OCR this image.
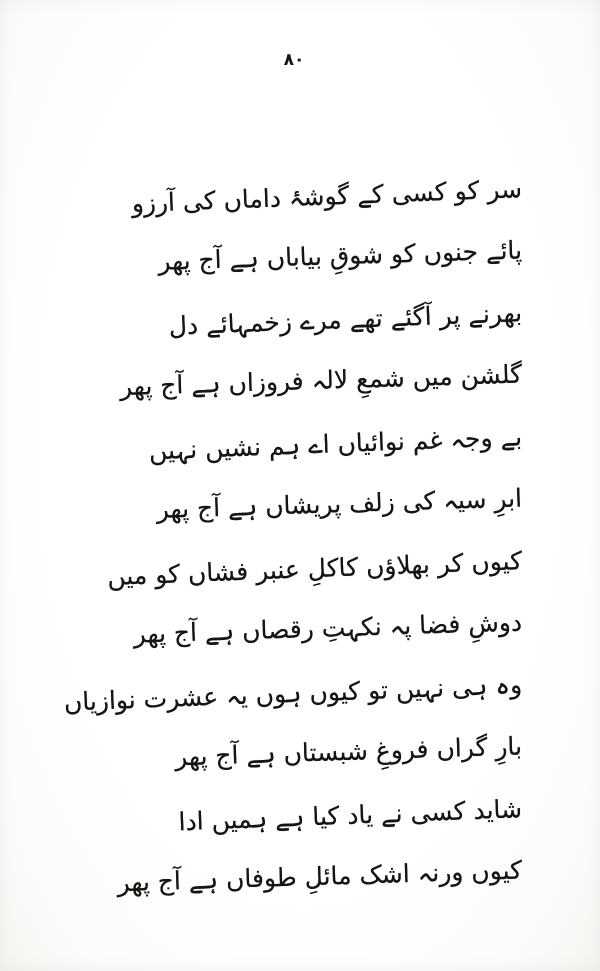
۸۰
سر کو کسی کے گوشۂ داماں کی آرزو
پائے جنوں کو شوقِ بیاباں ہے آج پھر
بھرنے پر آگئے تھے مرے زخمہائے دل
گلشن میں شمعِ لالہ فروزاں ہے آج پھر
بے وجہ غم نوائیاں اے ہم نشیں نہیں
ابرِ سیہ کی زلف پریشاں ہے آج پھر
کیوں کر بھلاؤں کاکلِ عنبر فشاں کو میں
دوشِ فضا پہ نکہتِ رقصاں ہے آج پھر
وہ ہی نہیں تو کیوں ہوں یہ عشرت نوازیاں
بارِ گراں فروغِ شبستاں ہے آج پھر
شاید کسی نے یاد کیا ہے ہمیں ادا
کیوں ورنہ اشک مائلِ طوفاں ہے آج پھر
